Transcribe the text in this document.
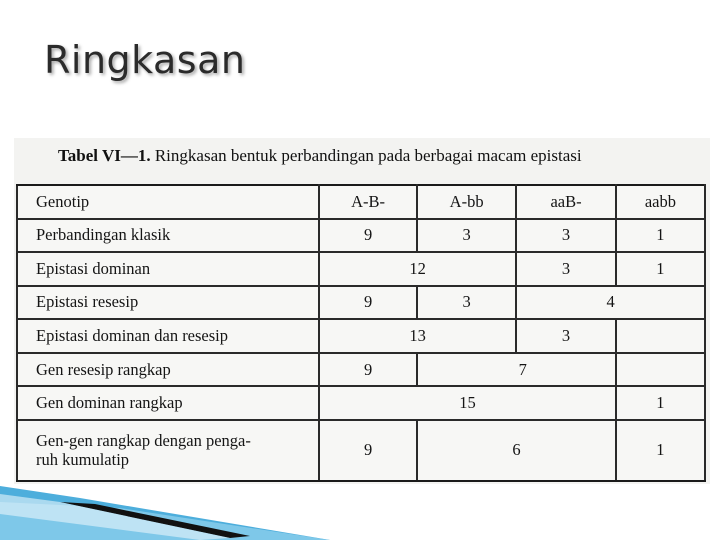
Ringkasan
Tabel VI—1. Ringkasan bentuk perbandingan pada berbagai macam epistasi
Genotip	A-B-	A-bb	aaB-	aabb
Perbandingan klasik	9	3	3	1
Epistasi dominan	12		3	1
Epistasi resesip	9	3	4	
Epistasi dominan dan resesip	13		3	
Gen resesip rangkap	9	7		
Gen dominan rangkap	15			1
Gen-gen rangkap dengan penga-
ruh kumulatip	9	6		1
